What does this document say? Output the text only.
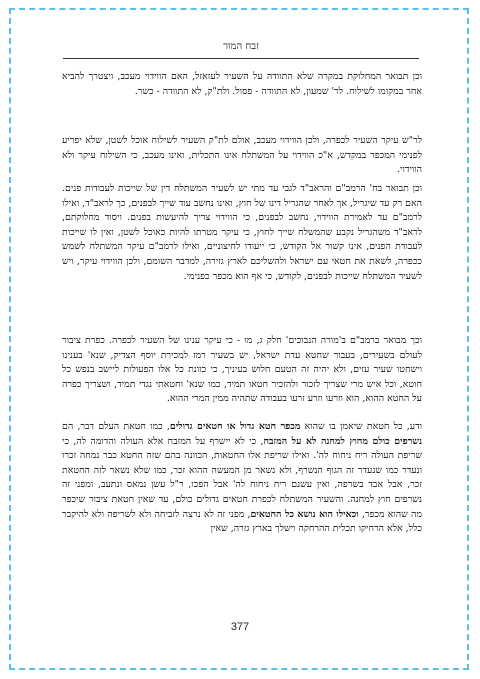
זבח המור
וכן תבואר המחלוקת במקרה שלא התוודה על השעיר לעזאזל, האם הווידוי מעכב, ויצטרך להביא אחר במקומו לשילוח. לר' שמעון, לא התוודה - פסול. ולת"ק, לא התוודה - כשר.
לר"ש עיקר השעיר לכפרה, ולכן הווידוי מעכב, אולם לת"ק השעיר לשילוח אוכל לשטן, שלא יפריע לפנימי המכפר במקדש, א"כ הווידוי על המשתלח אינו התכלית, ואינו מעכב, כי השילוח עיקר ולא הווידוי.
וכן תבואר בח' הרמב"ם והראב"ד לגבי עד מתי יש לשעיר המשתלח דין של שייכות לעבודות פנים. האם רק עד שיגריל, אך לאחר שהגריל דינו של חוץ, ואינו נחשב עוד שייך לבפנים, כך לראב"ד, ואילו לרמב"ם עד לאמירת הווידוי, נחשב לבפנים, כי הווידוי צריך להיעשות בפנים. ויסוד מחלוקתם, לראב"ד משהגריל נקבע שהמשלח שייך לחוץ, כי עיקר מטרתו להיות כאוכל לשטן, ואין לו שייכות לעבודת הפנים, אינו קשור אל הקודש, כי ייעודו לחיצוניים, ואילו לרמב"ם עיקר המשתלח לשמש ככפרה, לשאת את חטאי עם ישראל ולהשליכם לארץ גזירה, למדבר השומם, ולכן הווידוי עיקר, ויש לשעיר המשתלח שייכות לבפנים, לקודש, כי אף הוא מכפר כפנימי.
וכך מבואר ברמב"ם ב'מורה הנבוכים' חלק ג, מו - כי עיקר ענינו של השעיר לכפרה. כפרת ציבור לעולם בשעירים, בעבור שחטא עדת ישראל, יש בשעיר רמז למכירת יוסף הצדיק, שנא' בענינו וישחטו שעיר עזים, ולא יהיה זה הטעם חלוש בעיניך, כי כוונת כל אלו הפעולות ליישב בנפש כל חוטא, וכל איש מרי שצריך לזכור ולהזכיר חטאו תמיד, כמו שנא' וחטאתי נגדי תמיד, ושצריך כפרה על החטא ההוא, הוא וזרעו וזרע זרעו בעבודה שתהיה ממין המרי ההוא.
ודע, כל חטאת שיאמן בו שהוא מכפר חטא גדול או חטאים גדולים, כמו חטאת העלם דבר, הם נשרפים כולם מחוץ למחנה לא על המזבח, כי לא יישרף על המזבח אלא העולה והדומה לה, כי שריפת העולה ריח ניחוח לה'. ואילו שריפת אלו החטאות, הכוונה בהם שזה החטא כבר נמחה זכרו ונעדר כמו שנעדר זה הגוף הנשרף, ולא נשאר מן המעשה ההוא זכר, כמו שלא נשאר לזה החטאת זכר, אבל אבד בשרפה, ואין עשנם ריח ניחוח לה' אבל הפכו, ר"ל עשן נמאס ונתעב, ומפני זה נשרפים חוץ למחנה. והשעיר המשתלח לכפרת חטאים גדולים כולם, עד שאין חטאת ציבור שיכפר מה שהוא מכפר, וכאילו הוא נושא כל החטאים, מפני זה לא נרצה לזביחה ולא לשריפה ולא להיקבר כלל, אלא הרחיקו תכלית ההרחקה וישלך בארץ גזרה, שאין
377
